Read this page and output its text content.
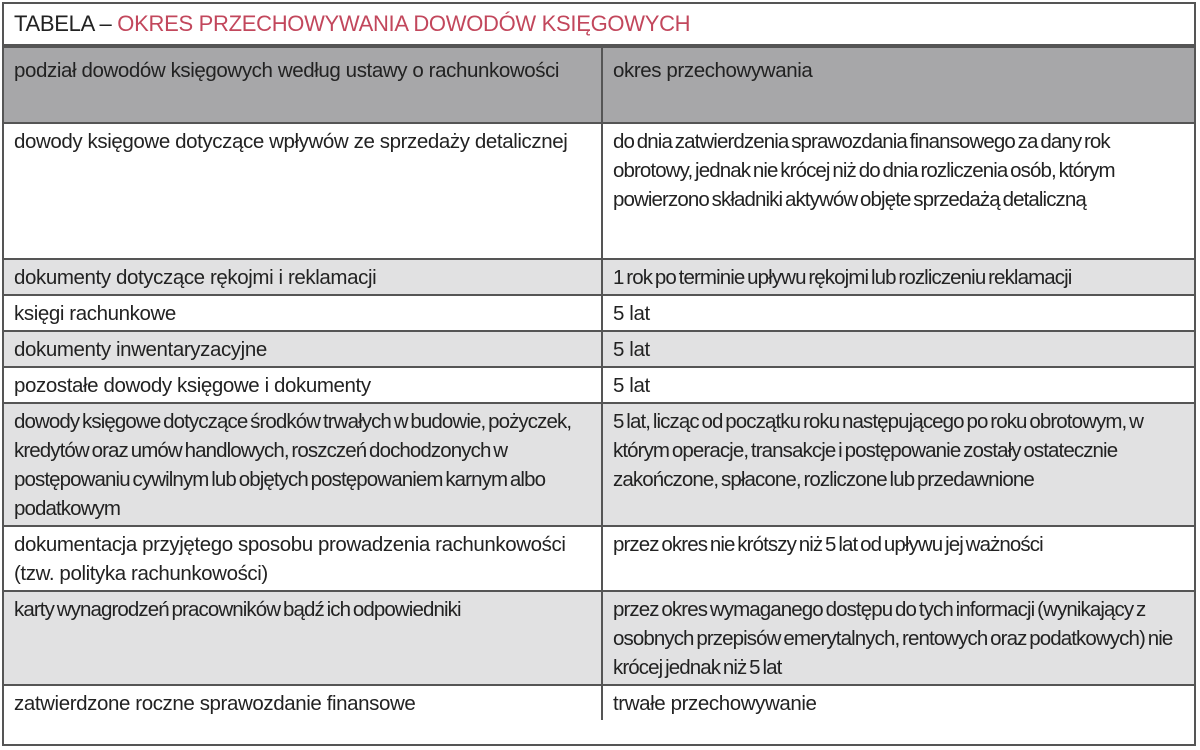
TABELA – OKRES PRZECHOWYWANIA DOWODÓW KSIĘGOWYCH
podział dowodów księgowych według ustawy o rachunkowości	okres przechowywania
dowody księgowe dotyczące wpływów ze sprzedaży detalicznej	do dnia zatwierdzenia sprawozdania finansowego za dany rok obrotowy, jednak nie krócej niż do dnia rozliczenia osób, którym powierzono składniki aktywów objęte sprzedażą detaliczną
dokumenty dotyczące rękojmi i reklamacji	1 rok po terminie upływu rękojmi lub rozliczeniu reklamacji
księgi rachunkowe	5 lat
dokumenty inwentaryzacyjne	5 lat
pozostałe dowody księgowe i dokumenty	5 lat
dowody księgowe dotyczące środków trwałych w budowie, pożyczek, kredytów oraz umów handlowych, roszczeń dochodzonych w postępowaniu cywilnym lub objętych postępowaniem karnym albo podatkowym	5 lat, licząc od początku roku następującego po roku obrotowym, w którym operacje, transakcje i postępowanie zostały ostatecznie zakończone, spłacone, rozliczone lub przedawnione
dokumentacja przyjętego sposobu prowadzenia rachunkowości (tzw. polityka rachunkowości)	przez okres nie krótszy niż 5 lat od upływu jej ważności
karty wynagrodzeń pracowników bądź ich odpowiedniki	przez okres wymaganego dostępu do tych informacji (wynikający z osobnych przepisów emerytalnych, rentowych oraz podatkowych) nie krócej jednak niż 5 lat
zatwierdzone roczne sprawozdanie finansowe	trwałe przechowywanie
